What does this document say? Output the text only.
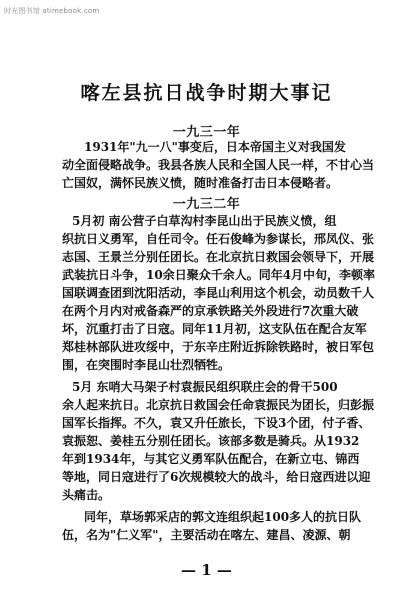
时光图书馆 atimebook.com
喀左县抗日战争时期大事记
一九三一年
1931年"九一八"事变后，日本帝国主义对我国发
动全面侵略战争。我县各族人民和全国人民一样，不甘心当
亡国奴，满怀民族义愤，随时准备打击日本侵略者。
一九三二年
5月初 南公营子白草沟村李昆山出于民族义愤，组
织抗日义勇军，自任司令。任石俊峰为参谋长，邢凤仪、张
志国、王景兰分别任团长。在北京抗日救国会领导下，开展
武装抗日斗争，10余日聚众千余人。同年4月中旬，李顿率
国联调查团到沈阳活动，李昆山利用这个机会，动员数千人
在两个月内对戒备森严的京承铁路关外段进行7次重大破
坏，沉重打击了日寇。同年11月初，这支队伍在配合友军
郑桂林部队进攻绥中，于东辛庄附近拆除铁路时，被日军包
围，在突围时李昆山壮烈牺牲。
5月 东哨大马架子村袁振民组织联庄会的骨干500
余人起来抗日。北京抗日救国会任命袁振民为团长，归彭振
国军长指挥。不久，袁又升任旅长，下设3个团，付子香、
袁振恕、姜桂五分别任团长。该部多数是骑兵。从1932
年到1934年，与其它义勇军队伍配合，在新立屯、锦西
等地，同日寇进行了6次规模较大的战斗，给日寇西进以迎
头痛击。
同年，草场郭采店的郭文连组织起100多人的抗日队
伍，名为"仁义军"，主要活动在喀左、建昌、凌源、朝
— 1 —
